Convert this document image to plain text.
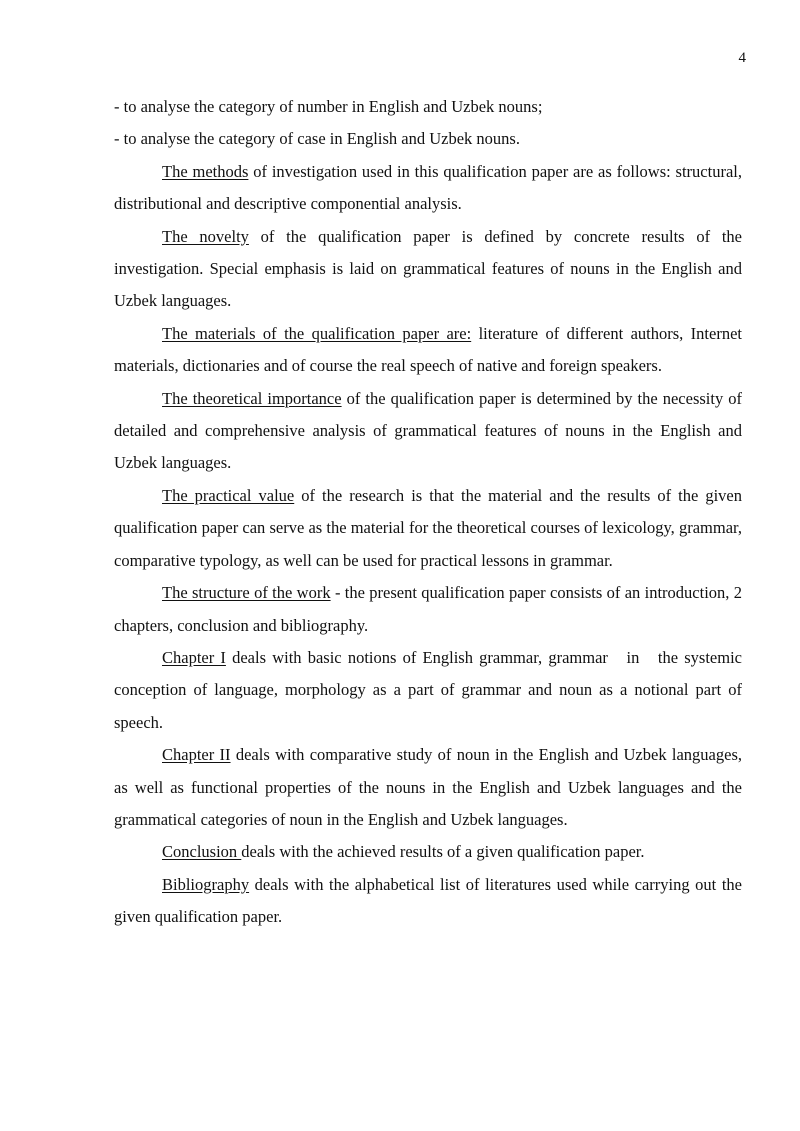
4

- to analyse the category of number in English and Uzbek nouns;

- to analyse the category of case in English and Uzbek nouns.

The methods of investigation used in this qualification paper are as follows: structural, distributional and descriptive componential analysis.

The novelty of the qualification paper is defined by concrete results of the investigation. Special emphasis is laid on grammatical features of nouns in the English and Uzbek languages.

The materials of the qualification paper are: literature of different authors, Internet materials, dictionaries and of course the real speech of native and foreign speakers.

The theoretical importance of the qualification paper is determined by the necessity of detailed and comprehensive analysis of grammatical features of nouns in the English and Uzbek languages.

The practical value of the research is that the material and the results of the given qualification paper can serve as the material for the theoretical courses of lexicology, grammar, comparative typology, as well can be used for practical lessons in grammar.

The structure of the work - the present qualification paper consists of an introduction, 2 chapters, conclusion and bibliography.

Chapter I deals with basic notions of English grammar, grammar   in   the systemic conception of language, morphology as a part of grammar and noun as a notional part of speech.

Chapter II deals with comparative study of noun in the English and Uzbek languages, as well as functional properties of the nouns in the English and Uzbek languages and the grammatical categories of noun in the English and Uzbek languages.

Conclusion deals with the achieved results of a given qualification paper.

Bibliography deals with the alphabetical list of literatures used while carrying out the given qualification paper.
